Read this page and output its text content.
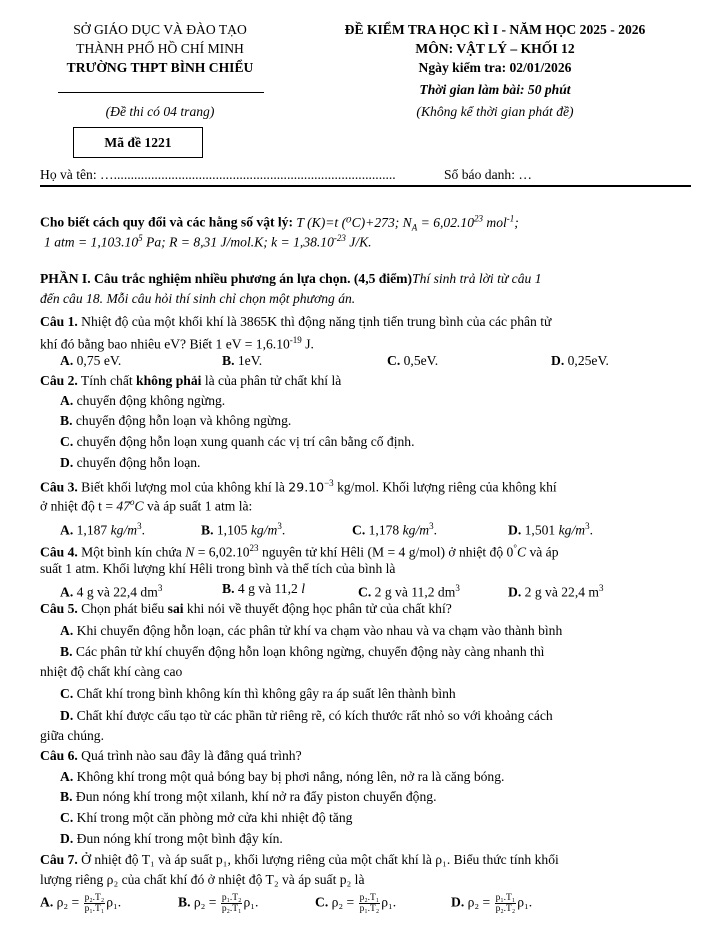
SỞ GIÁO DỤC VÀ ĐÀO TẠO
THÀNH PHỐ HỒ CHÍ MINH
TRƯỜNG THPT BÌNH CHIỂU
(Đề thi có 04 trang)
Mã đề 1221
ĐỀ KIỂM TRA HỌC KÌ I - NĂM HỌC 2025 - 2026
MÔN: VẬT LÝ – KHỐI 12
Ngày kiểm tra: 02/01/2026
Thời gian làm bài: 50 phút
(Không kể thời gian phát đề)
Họ và tên: …...................................................................................	Số báo danh: …
Cho biết cách quy đổi và các hằng số vật lý: T (K)=t (⁰C)+273; $N_A = 6,02.10^{23}$ mol$^{-1}$;
1 atm = $1,103.10^5$ Pa; R = 8,31 J/mol.K; $k = 1,38.10^{-23}$ J/K.
PHẦN I. Câu trắc nghiệm nhiều phương án lựa chọn. (4,5 điểm)Thí sinh trả lời từ câu 1
đến câu 18. Mỗi câu hỏi thí sinh chỉ chọn một phương án.
Câu 1. Nhiệt độ của một khối khí là 3865K thì động năng tịnh tiến trung bình của các phân tử
khí đó bằng bao nhiêu eV? Biết 1 eV = $1,6.10^{-19}$ J.
A. 0,75 eV.	B. 1eV.	C. 0,5eV.	D. 0,25eV.
Câu 2. Tính chất không phải là của phân tử chất khí là
A. chuyển động không ngừng.
B. chuyển động hỗn loạn và không ngừng.
C. chuyển động hỗn loạn xung quanh các vị trí cân bằng cố định.
D. chuyển động hỗn loạn.
Câu 3. Biết khối lượng mol của không khí là $29.10^{-3}$ kg/mol. Khối lượng riêng của không khí
ở nhiệt độ $t = 47^oC$ và áp suất 1 atm là:
A. 1,187 $kg/m^3$.	B. 1,105 $kg/m^3$.	C. 1,178 $kg/m^3$.	D. 1,501 $kg/m^3$.
Câu 4. Một bình kín chứa $N = 6,02.10^{23}$ nguyên tử khí Hêli (M = 4 g/mol) ở nhiệt độ 0°C và áp
suất 1 atm. Khối lượng khí Hêli trong bình và thể tích của bình là
A. 4 g và 22,4 $dm^3$	B. 4 g và 11,2 l	C. 2 g và 11,2 $dm^3$	D. 2 g và 22,4 $m^3$
Câu 5. Chọn phát biểu sai khi nói về thuyết động học phân tử của chất khí?
A. Khi chuyển động hỗn loạn, các phân tử khí va chạm vào nhau và va chạm vào thành bình
B. Các phân tử khí chuyển động hỗn loạn không ngừng, chuyển động này càng nhanh thì
nhiệt độ chất khí càng cao
C. Chất khí trong bình không kín thì không gây ra áp suất lên thành bình
D. Chất khí được cấu tạo từ các phần tử riêng rẽ, có kích thước rất nhỏ so với khoảng cách
giữa chúng.
Câu 6. Quá trình nào sau đây là đẳng quá trình?
A. Không khí trong một quả bóng bay bị phơi nắng, nóng lên, nở ra là căng bóng.
B. Đun nóng khí trong một xilanh, khí nở ra đẩy piston chuyển động.
C. Khí trong một căn phòng mở cửa khi nhiệt độ tăng
D. Đun nóng khí trong một bình đậy kín.
Câu 7. Ở nhiệt độ T₁ và áp suất p₁, khối lượng riêng của một chất khí là ρ₁. Biểu thức tính khối
lượng riêng ρ₂ của chất khí đó ở nhiệt độ T₂ và áp suất p₂ là
A. $\rho_2 = \frac{\text{p₂.T₂}}{\text{p₁.T₁}} \rho_1$.	B. $\rho_2 = \frac{\text{p₁.T₂}}{\text{p₂.T₁}} \rho_1$.	C. $\rho_2 = \frac{\text{p₂.T₁}}{\text{p₁.T₂}} \rho_1$.	D. $\rho_2 = \frac{\text{p₁.T₁}}{\text{p₂.T₂}} \rho_1$.
